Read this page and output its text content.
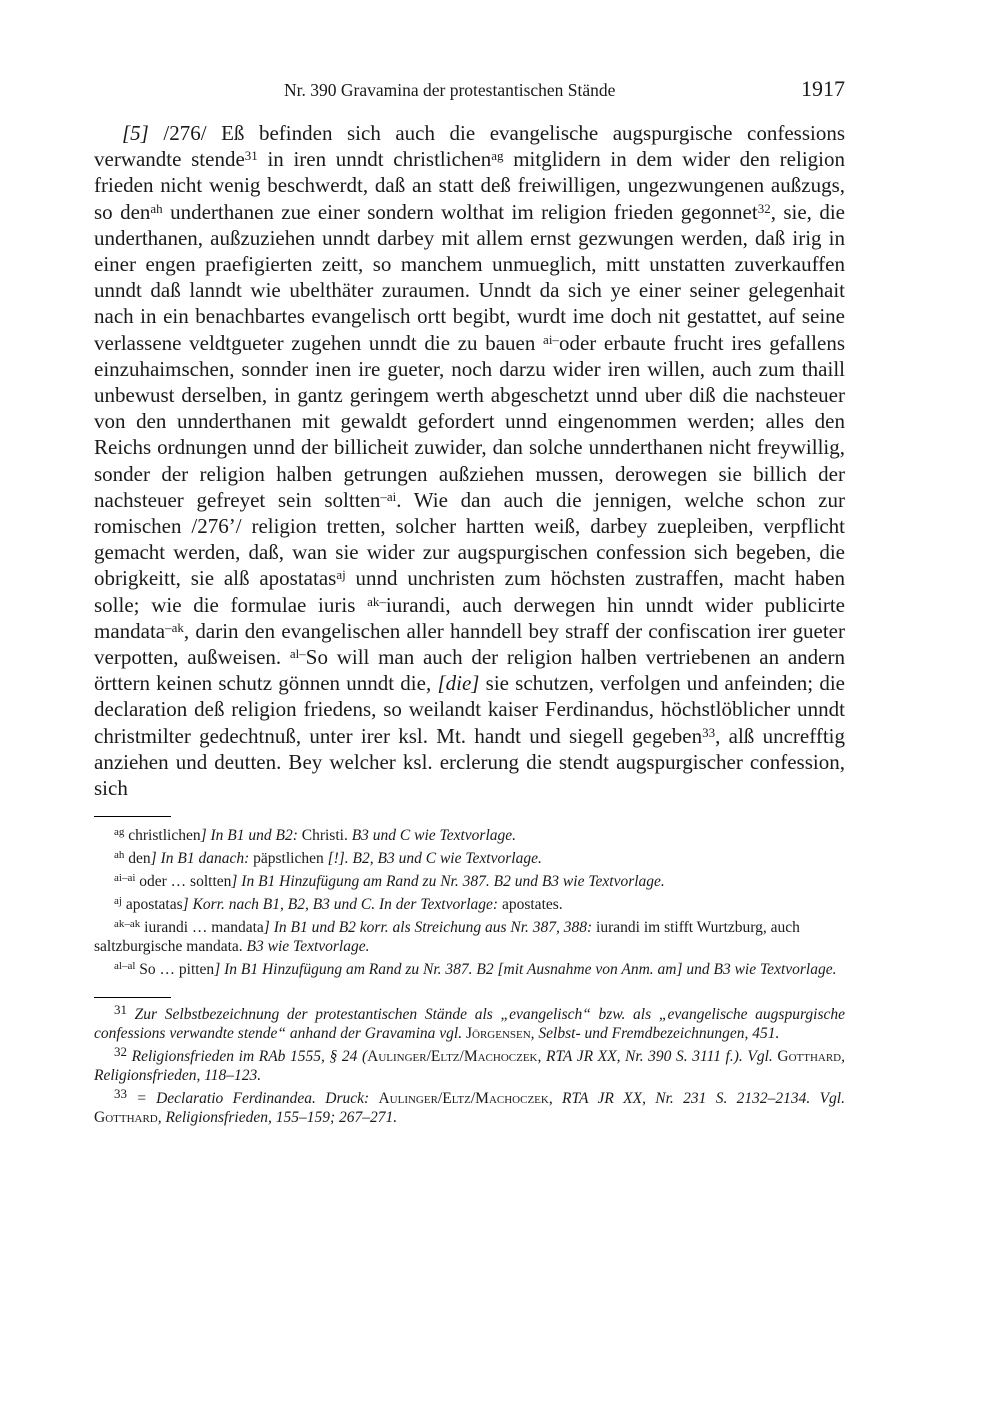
Nr. 390 Gravamina der protestantischen Stände	1917

[5] /276/ Eß befinden sich auch die evangelische augspurgische confessions verwandte stende$^{31}$ in iren unndt christlichen$^{ag}$ mitglidern in dem wider den religion frieden nicht wenig beschwerdt, daß an statt deß freiwilligen, ungezwungenen außzugs, so den$^{ah}$ underthanen zue einer sondern wolthat im religion frieden gegonnet$^{32}$, sie, die underthanen, außzuziehen unndt darbey mit allem ernst gezwungen werden, daß irig in einer engen praefigierten zeitt, so manchem unmueglich, mitt unstatten zuverkauffen unndt daß lanndt wie ubelthäter zuraumen. Unndt da sich ye einer seiner gelegenhait nach in ein benachbartes evangelisch ortt begibt, wurdt ime doch nit gestattet, auf seine verlassene veldtgueter zugehen unndt die zu bauen $^{ai-}$oder erbaute frucht ires gefallens einzuhaimschen, sonnder inen ire gueter, noch darzu wider iren willen, auch zum thaill unbewust derselben, in gantz geringem werth abgeschetzt unnd uber diß die nachsteuer von den unnderthanen mit gewaldt gefordert unnd eingenommen werden; alles den Reichs ordnungen unnd der billicheit zuwider, dan solche unnderthanen nicht freywillig, sonder der religion halben getrungen außziehen mussen, derowegen sie billich der nachsteuer gefreyet sein soltten$^{-ai}$. Wie dan auch die jennigen, welche schon zur romischen /276’/ religion tretten, solcher hartten weiß, darbey zuepleiben, verpflicht gemacht werden, daß, wan sie wider zur augspurgischen confession sich begeben, die obrigkeitt, sie alß apostatas$^{aj}$ unnd unchristen zum höchsten zustraffen, macht haben solle; wie die formulae iuris $^{ak-}$iurandi, auch derwegen hin unndt wider publicirte mandata$^{-ak}$, darin den evangelischen aller hanndell bey straff der confiscation irer gueter verpotten, außweisen. $^{al-}$So will man auch der religion halben vertriebenen an andern örttern keinen schutz gönnen unndt die, [die] sie schutzen, verfolgen und anfeinden; die declaration deß religion friedens, so weilandt kaiser Ferdinandus, höchstlöblicher unndt christmilter gedechtnuß, unter irer ksl. Mt. handt und siegell gegeben$^{33}$, alß uncrefftig anziehen und deutten. Bey welcher ksl. erclerung die stendt augspurgischer confession, sich

$^{ag}$ christlichen] In B1 und B2: Christi. B3 und C wie Textvorlage.
$^{ah}$ den] In B1 danach: päpstlichen [!]. B2, B3 und C wie Textvorlage.
$^{ai-ai}$ oder … soltten] In B1 Hinzufügung am Rand zu Nr. 387. B2 und B3 wie Textvorlage.
$^{aj}$ apostatas] Korr. nach B1, B2, B3 und C. In der Textvorlage: apostates.
$^{ak-ak}$ iurandi … mandata] In B1 und B2 korr. als Streichung aus Nr. 387, 388: iurandi im stifft Wurtzburg, auch saltzburgische mandata. B3 wie Textvorlage.
$^{al-al}$ So … pitten] In B1 Hinzufügung am Rand zu Nr. 387. B2 [mit Ausnahme von Anm. am] und B3 wie Textvorlage.
$^{31}$ Zur Selbstbezeichnung der protestantischen Stände als „evangelisch“ bzw. als „evangelische augspurgische confessions verwandte stende“ anhand der Gravamina vgl. Jörgensen, Selbst- und Fremdbezeichnungen, 451.
$^{32}$ Religionsfrieden im RAb 1555, § 24 (Aulinger/Eltz/Machoczek, RTA JR XX, Nr. 390 S. 3111 f.). Vgl. Gotthard, Religionsfrieden, 118–123.
$^{33}$ = Declaratio Ferdinandea. Druck: Aulinger/Eltz/Machoczek, RTA JR XX, Nr. 231 S. 2132–2134. Vgl. Gotthard, Religionsfrieden, 155–159; 267–271.
